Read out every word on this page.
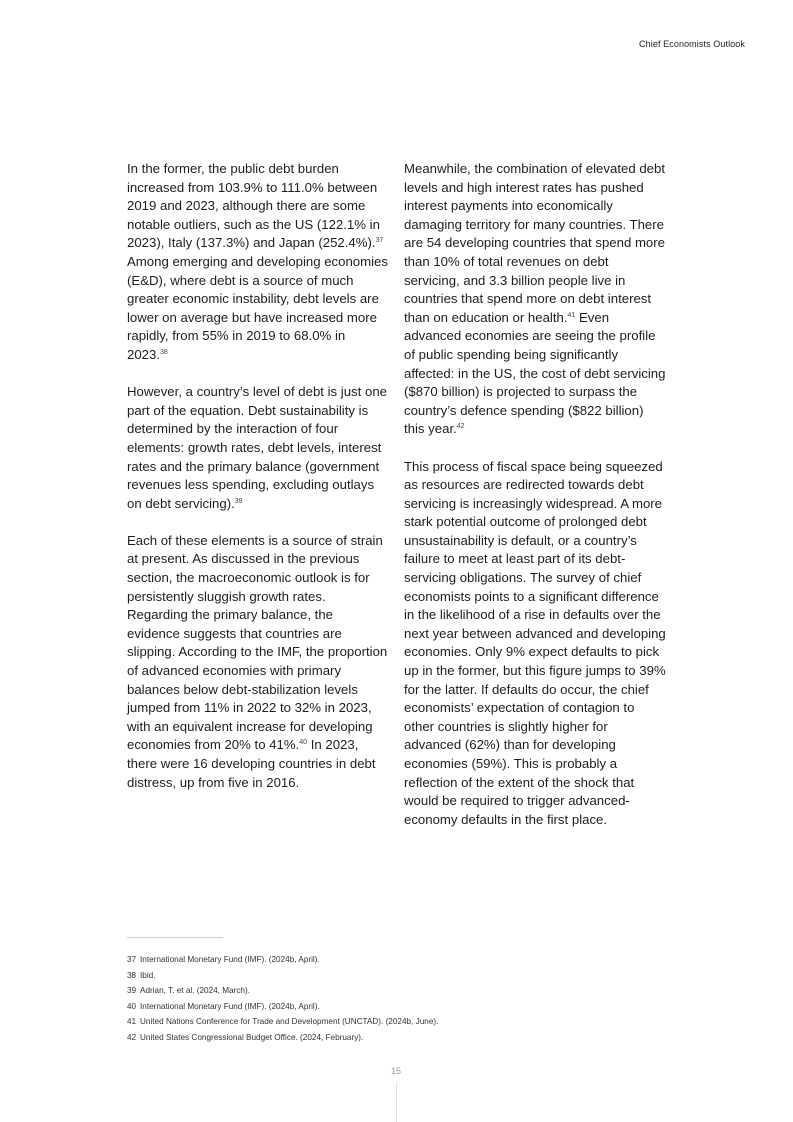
Chief Economists Outlook

In the former, the public debt burden increased from 103.9% to 111.0% between 2019 and 2023, although there are some notable outliers, such as the US (122.1% in 2023), Italy (137.3%) and Japan (252.4%).$^{37}$ Among emerging and developing economies (E&D), where debt is a source of much greater economic instability, debt levels are lower on average but have increased more rapidly, from 55% in 2019 to 68.0% in 2023.38

However, a country’s level of debt is just one part of the equation. Debt sustainability is determined by the interaction of four elements: growth rates, debt levels, interest rates and the primary balance (government revenues less spending, excluding outlays on debt servicing).$^{39}$

Each of these elements is a source of strain at present. As discussed in the previous section, the macroeconomic outlook is for persistently sluggish growth rates. Regarding the primary balance, the evidence suggests that countries are slipping. According to the IMF, the proportion of advanced economies with primary balances below debt-stabilization levels jumped from 11% in 2022 to 32% in 2023, with an equivalent increase for developing economies from 20% to 41%.$^{40}$ In 2023, there were 16 developing countries in debt distress, up from five in 2016.

Meanwhile, the combination of elevated debt levels and high interest rates has pushed interest payments into economically damaging territory for many countries. There are 54 developing countries that spend more than 10% of total revenues on debt servicing, and 3.3 billion people live in countries that spend more on debt interest than on education or health.$^{41}$ Even advanced economies are seeing the profile of public spending being significantly affected: in the US, the cost of debt servicing ($870 billion) is projected to surpass the country’s defence spending ($822 billion) this year.$^{42}$

This process of fiscal space being squeezed as resources are redirected towards debt servicing is increasingly widespread. A more stark potential outcome of prolonged debt unsustainability is default, or a country’s failure to meet at least part of its debt-servicing obligations. The survey of chief economists points to a significant difference in the likelihood of a rise in defaults over the next year between advanced and developing economies. Only 9% expect defaults to pick up in the former, but this figure jumps to 39% for the latter. If defaults do occur, the chief economists’ expectation of contagion to other countries is slightly higher for advanced (62%) than for developing economies (59%). This is probably a reflection of the extent of the shock that would be required to trigger advanced-economy defaults in the first place.

37 International Monetary Fund (IMF). (2024b, April).
38 Ibid.
39 Adrian, T. et al. (2024, March).
40 International Monetary Fund (IMF). (2024b, April).
41 United Nations Conference for Trade and Development (UNCTAD). (2024b, June).
42 United States Congressional Budget Office. (2024, February).
15
